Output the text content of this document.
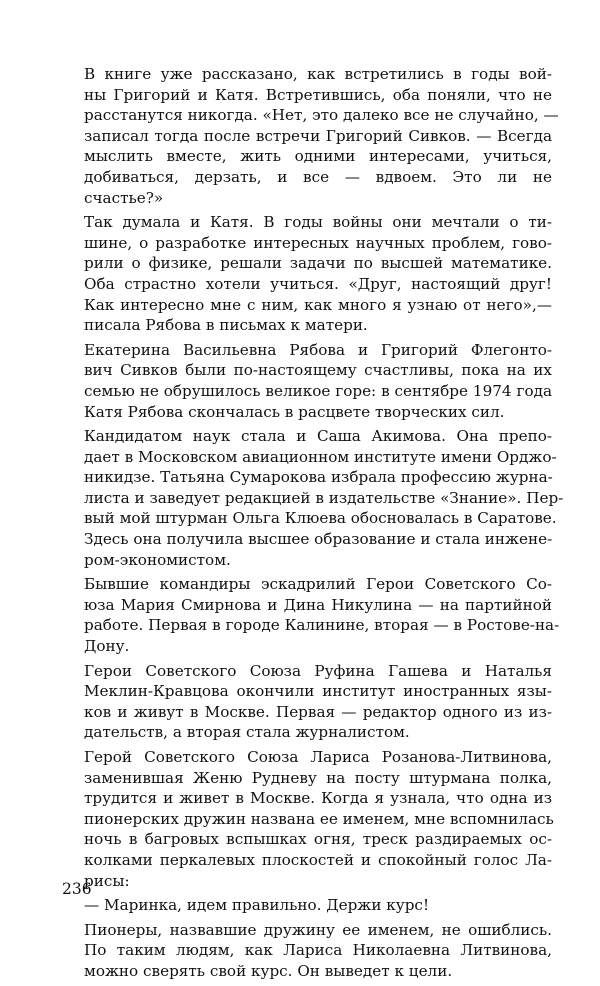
В книге уже рассказано, как встретились в годы вой-
ны Григорий и Катя. Встретившись, оба поняли, что не
расстанутся никогда. «Нет, это далеко все не случайно, —
записал тогда после встречи Григорий Сивков. — Всегда
мыслить вместе, жить одними интересами, учиться,
добиваться, дерзать, и все — вдвоем. Это ли не
счастье?»

Так думала и Катя. В годы войны они мечтали о ти-
шине, о разработке интересных научных проблем, гово-
рили о физике, решали задачи по высшей математике.
Оба страстно хотели учиться. «Друг, настоящий друг!
Как интересно мне с ним, как много я узнаю от него»,—
писала Рябова в письмах к матери.

Екатерина Васильевна Рябова и Григорий Флегонто-
вич Сивков были по-настоящему счастливы, пока на их
семью не обрушилось великое горе: в сентябре 1974 года
Катя Рябова скончалась в расцвете творческих сил.

Кандидатом наук стала и Саша Акимова. Она препо-
дает в Московском авиационном институте имени Орджо-
никидзе. Татьяна Сумарокова избрала профессию журна-
листа и заведует редакцией в издательстве «Знание». Пер-
вый мой штурман Ольга Клюева обосновалась в Саратове.
Здесь она получила высшее образование и стала инжене-
ром-экономистом.

Бывшие командиры эскадрилий Герои Советского Со-
юза Мария Смирнова и Дина Никулина — на партийной
работе. Первая в городе Калинине, вторая — в Ростове-на-
Дону.

Герои Советского Союза Руфина Гашева и Наталья
Меклин-Кравцова окончили институт иностранных язы-
ков и живут в Москве. Первая — редактор одного из из-
дательств, а вторая стала журналистом.

Герой Советского Союза Лариса Розанова-Литвинова,
заменившая Женю Рудневу на посту штурмана полка,
трудится и живет в Москве. Когда я узнала, что одна из
пионерских дружин названа ее именем, мне вспомнилась
ночь в багровых вспышках огня, треск раздираемых ос-
колками перкалевых плоскостей и спокойный голос Ла-
рисы:

— Маринка, идем правильно. Держи курс!

Пионеры, назвавшие дружину ее именем, не ошиблись.
По таким людям, как Лариса Николаевна Литвинова,
можно сверять свой курс. Он выведет к цели.

236
